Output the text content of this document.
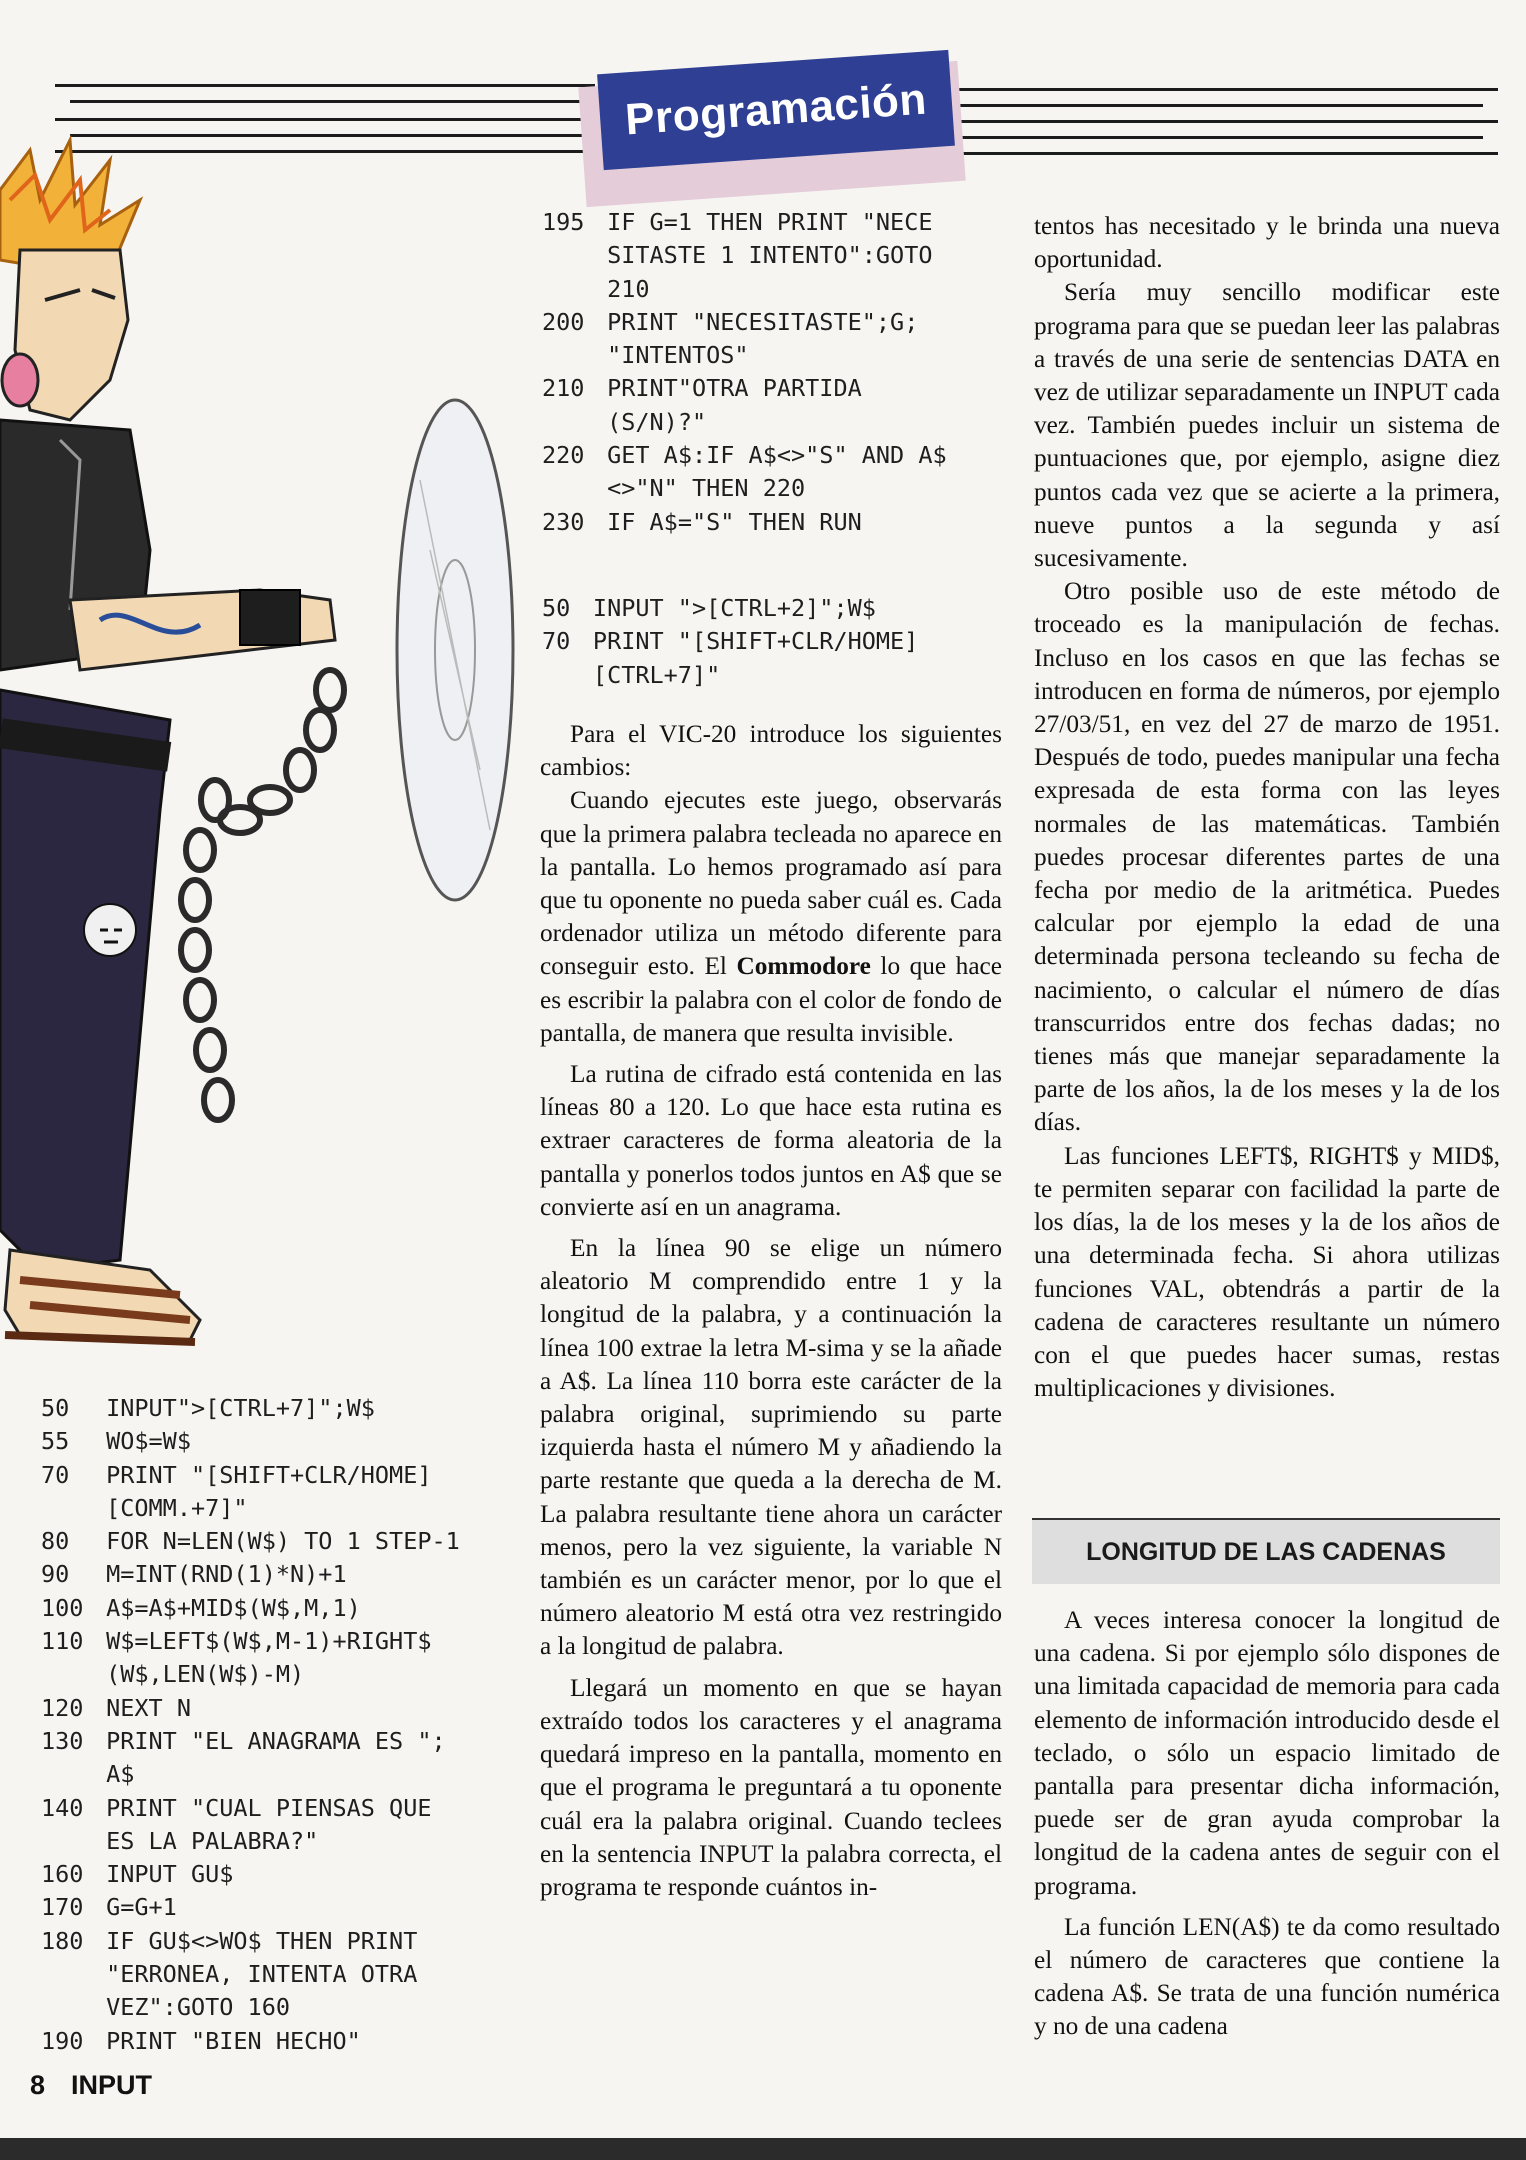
Programación
50 INPUT">[CTRL+7]";W$
55 WO$=W$
70 PRINT "[SHIFT+CLR/HOME]
[COMM.+7]"
80 FOR N=LEN(W$) TO 1 STEP-1
90 M=INT(RND(1)*N)+1
100 A$=A$+MID$(W$,M,1)
110 W$=LEFT$(W$,M-1)+RIGHT$
(W$,LEN(W$)-M)
120 NEXT N
130 PRINT "EL ANAGRAMA ES ";
A$
140 PRINT "CUAL PIENSAS QUE
ES LA PALABRA?"
160 INPUT GU$
170 G=G+1
180 IF GU$<>WO$ THEN PRINT
"ERRONEA, INTENTA OTRA
VEZ":GOTO 160
190 PRINT "BIEN HECHO"
195 IF G=1 THEN PRINT "NECE
SITASTE 1 INTENTO":GOTO
210
200 PRINT "NECESITASTE";G;
"INTENTOS"
210 PRINT"OTRA PARTIDA
(S/N)?"
220 GET A$:IF A$<>"S" AND A$
<>"N" THEN 220
230 IF A$="S" THEN RUN
50 INPUT ">[CTRL+2]";W$
70 PRINT "[SHIFT+CLR/HOME]
[CTRL+7]"

Para el VIC-20 introduce los siguientes cambios:

Cuando ejecutes este juego, observarás que la primera palabra tecleada no aparece en la pantalla. Lo hemos programado así para que tu oponente no pueda saber cuál es. Cada ordenador utiliza un método diferente para conseguir esto. El Commodore lo que hace es escribir la palabra con el color de fondo de pantalla, de manera que resulta invisible.

La rutina de cifrado está contenida en las líneas 80 a 120. Lo que hace esta rutina es extraer caracteres de forma aleatoria de la pantalla y ponerlos todos juntos en A$ que se convierte así en un anagrama.

En la línea 90 se elige un número aleatorio M comprendido entre 1 y la longitud de la palabra, y a continuación la línea 100 extrae la letra M-sima y se la añade a A$. La línea 110 borra este carácter de la palabra original, suprimiendo su parte izquierda hasta el número M y añadiendo la parte restante que queda a la derecha de M. La palabra resultante tiene ahora un carácter menos, pero la vez siguiente, la variable N también es un carácter menor, por lo que el número aleatorio M está otra vez restringido a la longitud de palabra.

Llegará un momento en que se hayan extraído todos los caracteres y el anagrama quedará impreso en la pantalla, momento en que el programa le preguntará a tu oponente cuál era la palabra original. Cuando teclees en la sentencia INPUT la palabra correcta, el programa te responde cuántos in-

tentos has necesitado y le brinda una nueva oportunidad.

Sería muy sencillo modificar este programa para que se puedan leer las palabras a través de una serie de sentencias DATA en vez de utilizar separadamente un INPUT cada vez. También puedes incluir un sistema de puntuaciones que, por ejemplo, asigne diez puntos cada vez que se acierte a la primera, nueve puntos a la segunda y así sucesivamente.

Otro posible uso de este método de troceado es la manipulación de fechas. Incluso en los casos en que las fechas se introducen en forma de números, por ejemplo 27/03/51, en vez del 27 de marzo de 1951. Después de todo, puedes manipular una fecha expresada de esta forma con las leyes normales de las matemáticas. También puedes procesar diferentes partes de una fecha por medio de la aritmética. Puedes calcular por ejemplo la edad de una determinada persona tecleando su fecha de nacimiento, o calcular el número de días transcurridos entre dos fechas dadas; no tienes más que manejar separadamente la parte de los años, la de los meses y la de los días.

Las funciones LEFT$, RIGHT$ y MID$, te permiten separar con facilidad la parte de los días, la de los meses y la de los años de una determinada fecha. Si ahora utilizas funciones VAL, obtendrás a partir de la cadena de caracteres resultante un número con el que puedes hacer sumas, restas multiplicaciones y divisiones.

LONGITUD DE LAS CADENAS

A veces interesa conocer la longitud de una cadena. Si por ejemplo sólo dispones de una limitada capacidad de memoria para cada elemento de información introducido desde el teclado, o sólo un espacio limitado de pantalla para presentar dicha información, puede ser de gran ayuda comprobar la longitud de la cadena antes de seguir con el programa.

La función LEN(A$) te da como resultado el número de caracteres que contiene la cadena A$. Se trata de una función numérica y no de una cadena

8 INPUT
